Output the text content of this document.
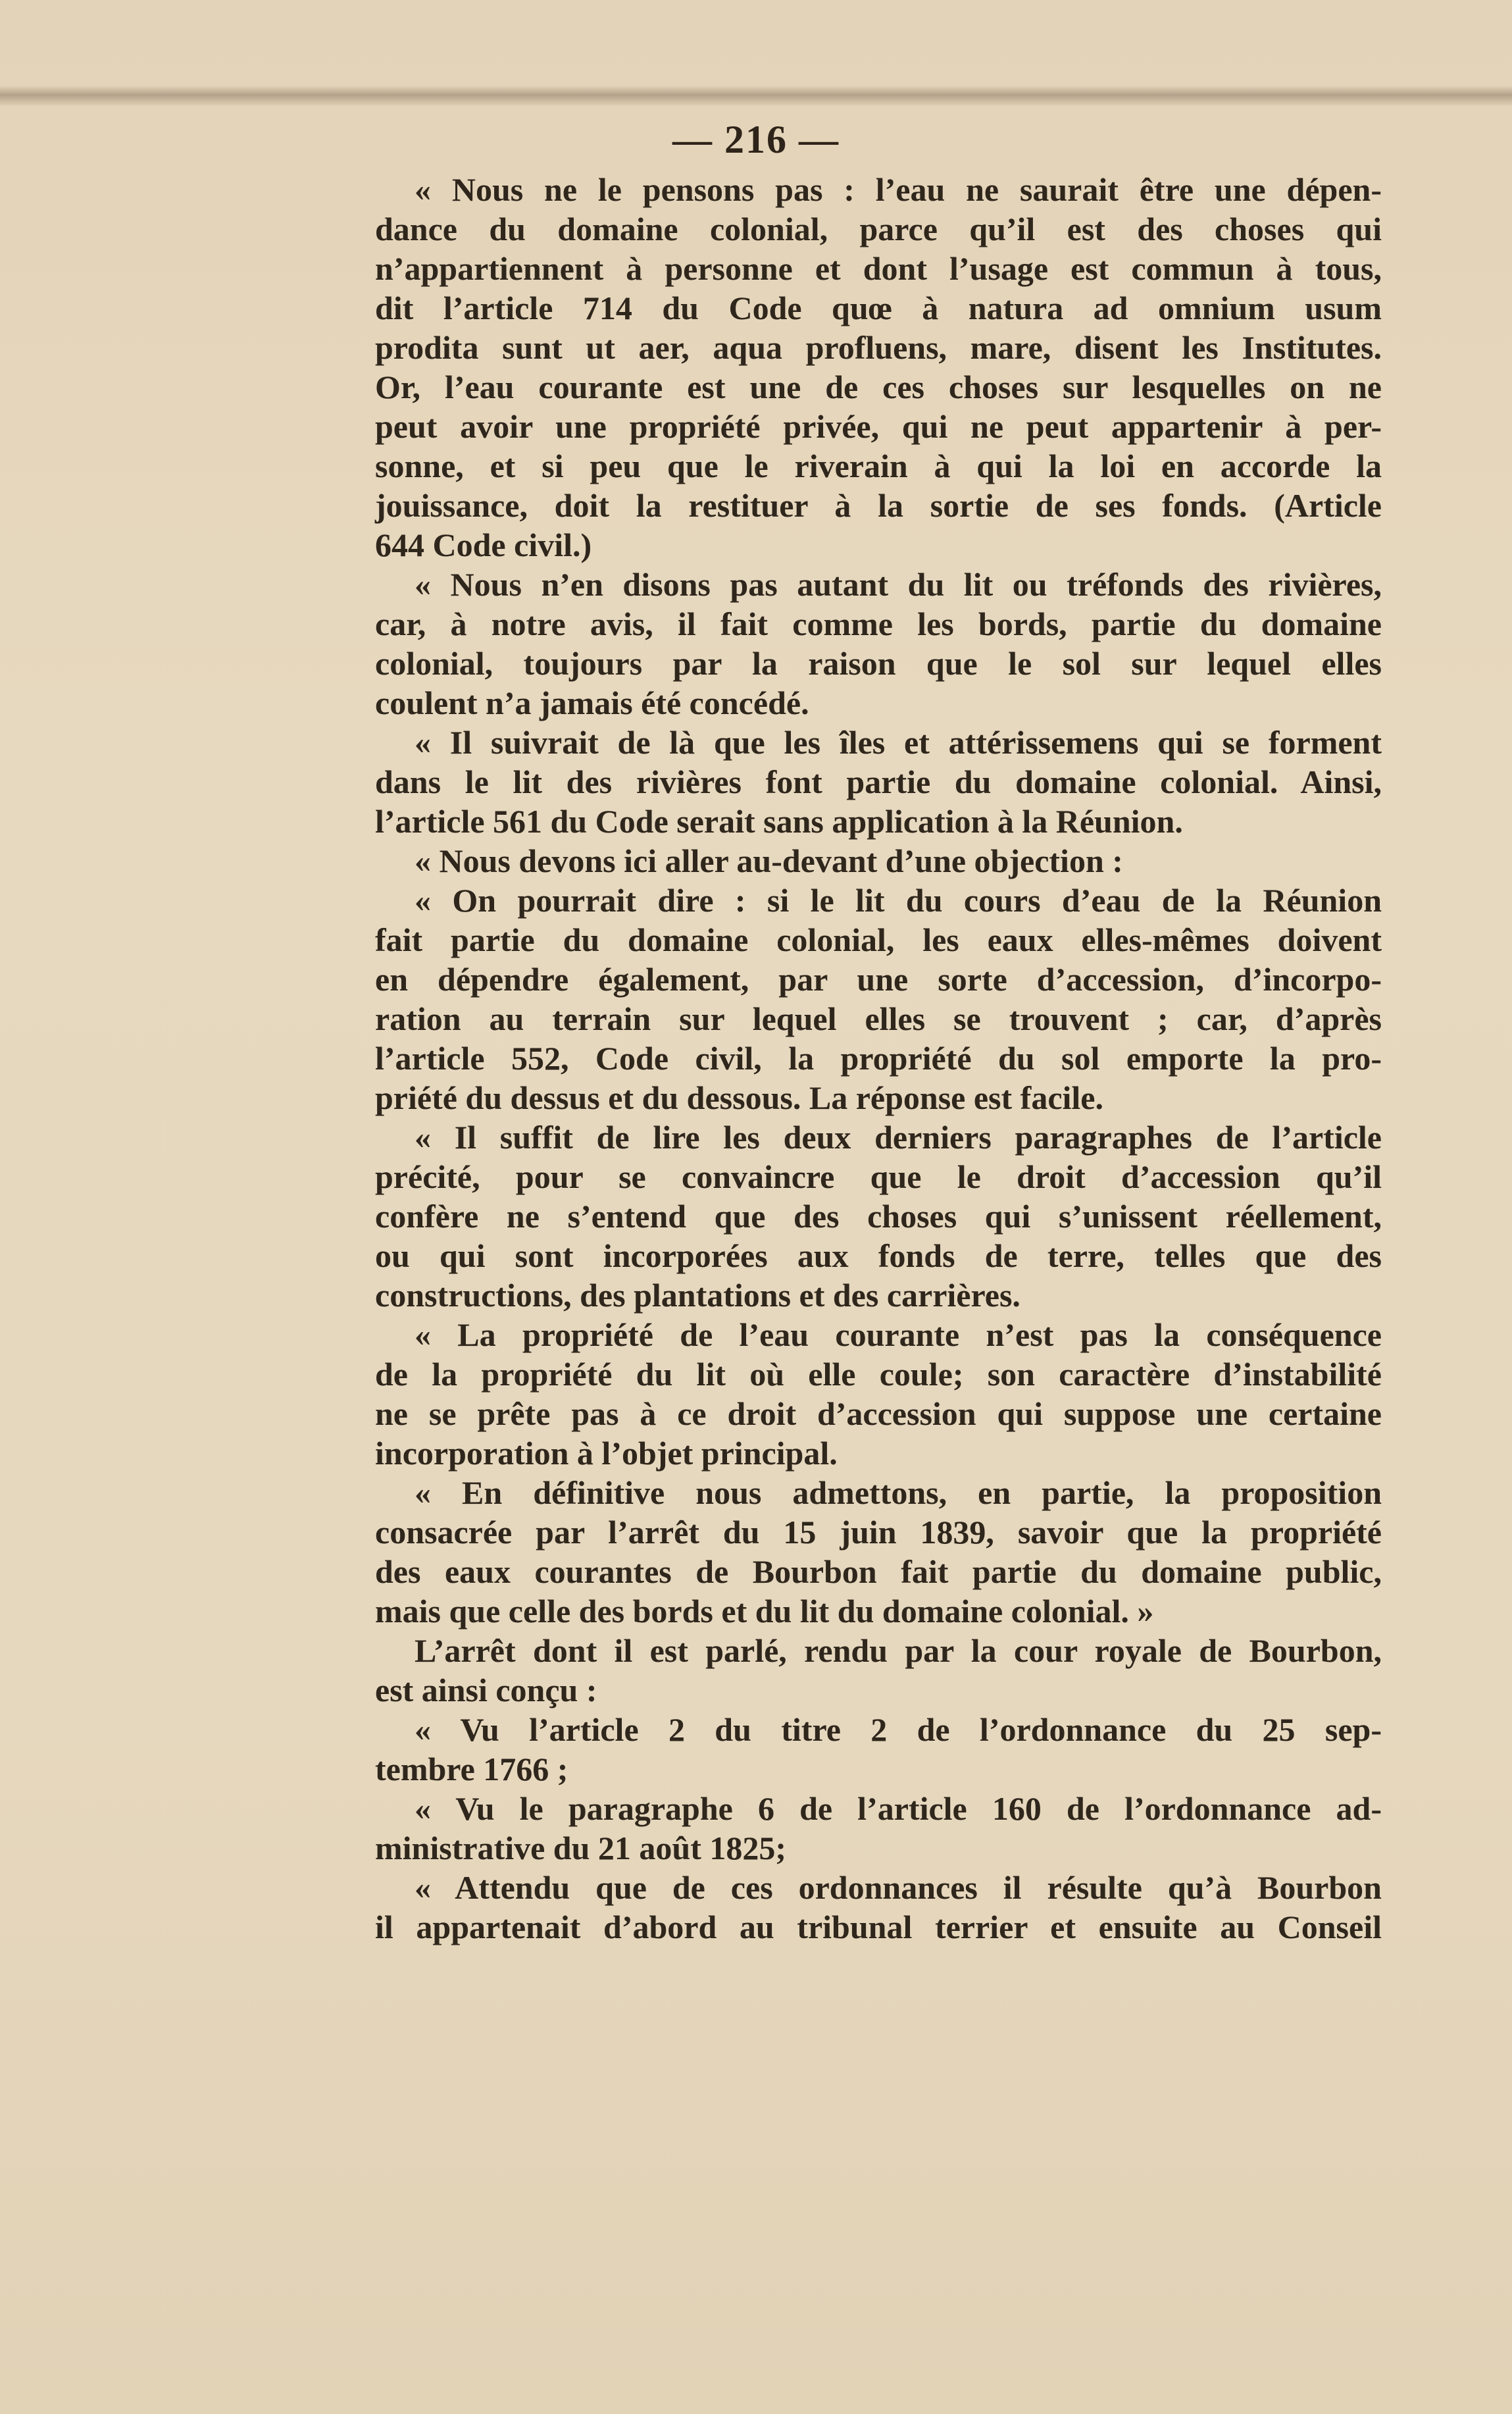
— 216 —
« Nous ne le pensons pas : l’eau ne saurait être une dépen-
dance du domaine colonial, parce qu’il est des choses qui
n’appartiennent à personne et dont l’usage est commun à tous,
dit l’article 714 du Code quœ à natura ad omnium usum
prodita sunt ut aer, aqua profluens, mare, disent les Institutes.
Or, l’eau courante est une de ces choses sur lesquelles on ne
peut avoir une propriété privée, qui ne peut appartenir à per-
sonne, et si peu que le riverain à qui la loi en accorde la
jouissance, doit la restituer à la sortie de ses fonds. (Article
644 Code civil.)
« Nous n’en disons pas autant du lit ou tréfonds des rivières,
car, à notre avis, il fait comme les bords, partie du domaine
colonial, toujours par la raison que le sol sur lequel elles
coulent n’a jamais été concédé.
« Il suivrait de là que les îles et attérissemens qui se forment
dans le lit des rivières font partie du domaine colonial. Ainsi,
l’article 561 du Code serait sans application à la Réunion.
« Nous devons ici aller au-devant d’une objection :
« On pourrait dire : si le lit du cours d’eau de la Réunion
fait partie du domaine colonial, les eaux elles-mêmes doivent
en dépendre également, par une sorte d’accession, d’incorpo-
ration au terrain sur lequel elles se trouvent ; car, d’après
l’article 552, Code civil, la propriété du sol emporte la pro-
priété du dessus et du dessous. La réponse est facile.
« Il suffit de lire les deux derniers paragraphes de l’article
précité, pour se convaincre que le droit d’accession qu’il
confère ne s’entend que des choses qui s’unissent réellement,
ou qui sont incorporées aux fonds de terre, telles que des
constructions, des plantations et des carrières.
« La propriété de l’eau courante n’est pas la conséquence
de la propriété du lit où elle coule; son caractère d’instabilité
ne se prête pas à ce droit d’accession qui suppose une certaine
incorporation à l’objet principal.
« En définitive nous admettons, en partie, la proposition
consacrée par l’arrêt du 15 juin 1839, savoir que la propriété
des eaux courantes de Bourbon fait partie du domaine public,
mais que celle des bords et du lit du domaine colonial. »
L’arrêt dont il est parlé, rendu par la cour royale de Bourbon,
est ainsi conçu :
« Vu l’article 2 du titre 2 de l’ordonnance du 25 sep-
tembre 1766 ;
« Vu le paragraphe 6 de l’article 160 de l’ordonnance ad-
ministrative du 21 août 1825;
« Attendu que de ces ordonnances il résulte qu’à Bourbon
il appartenait d’abord au tribunal terrier et ensuite au Conseil
